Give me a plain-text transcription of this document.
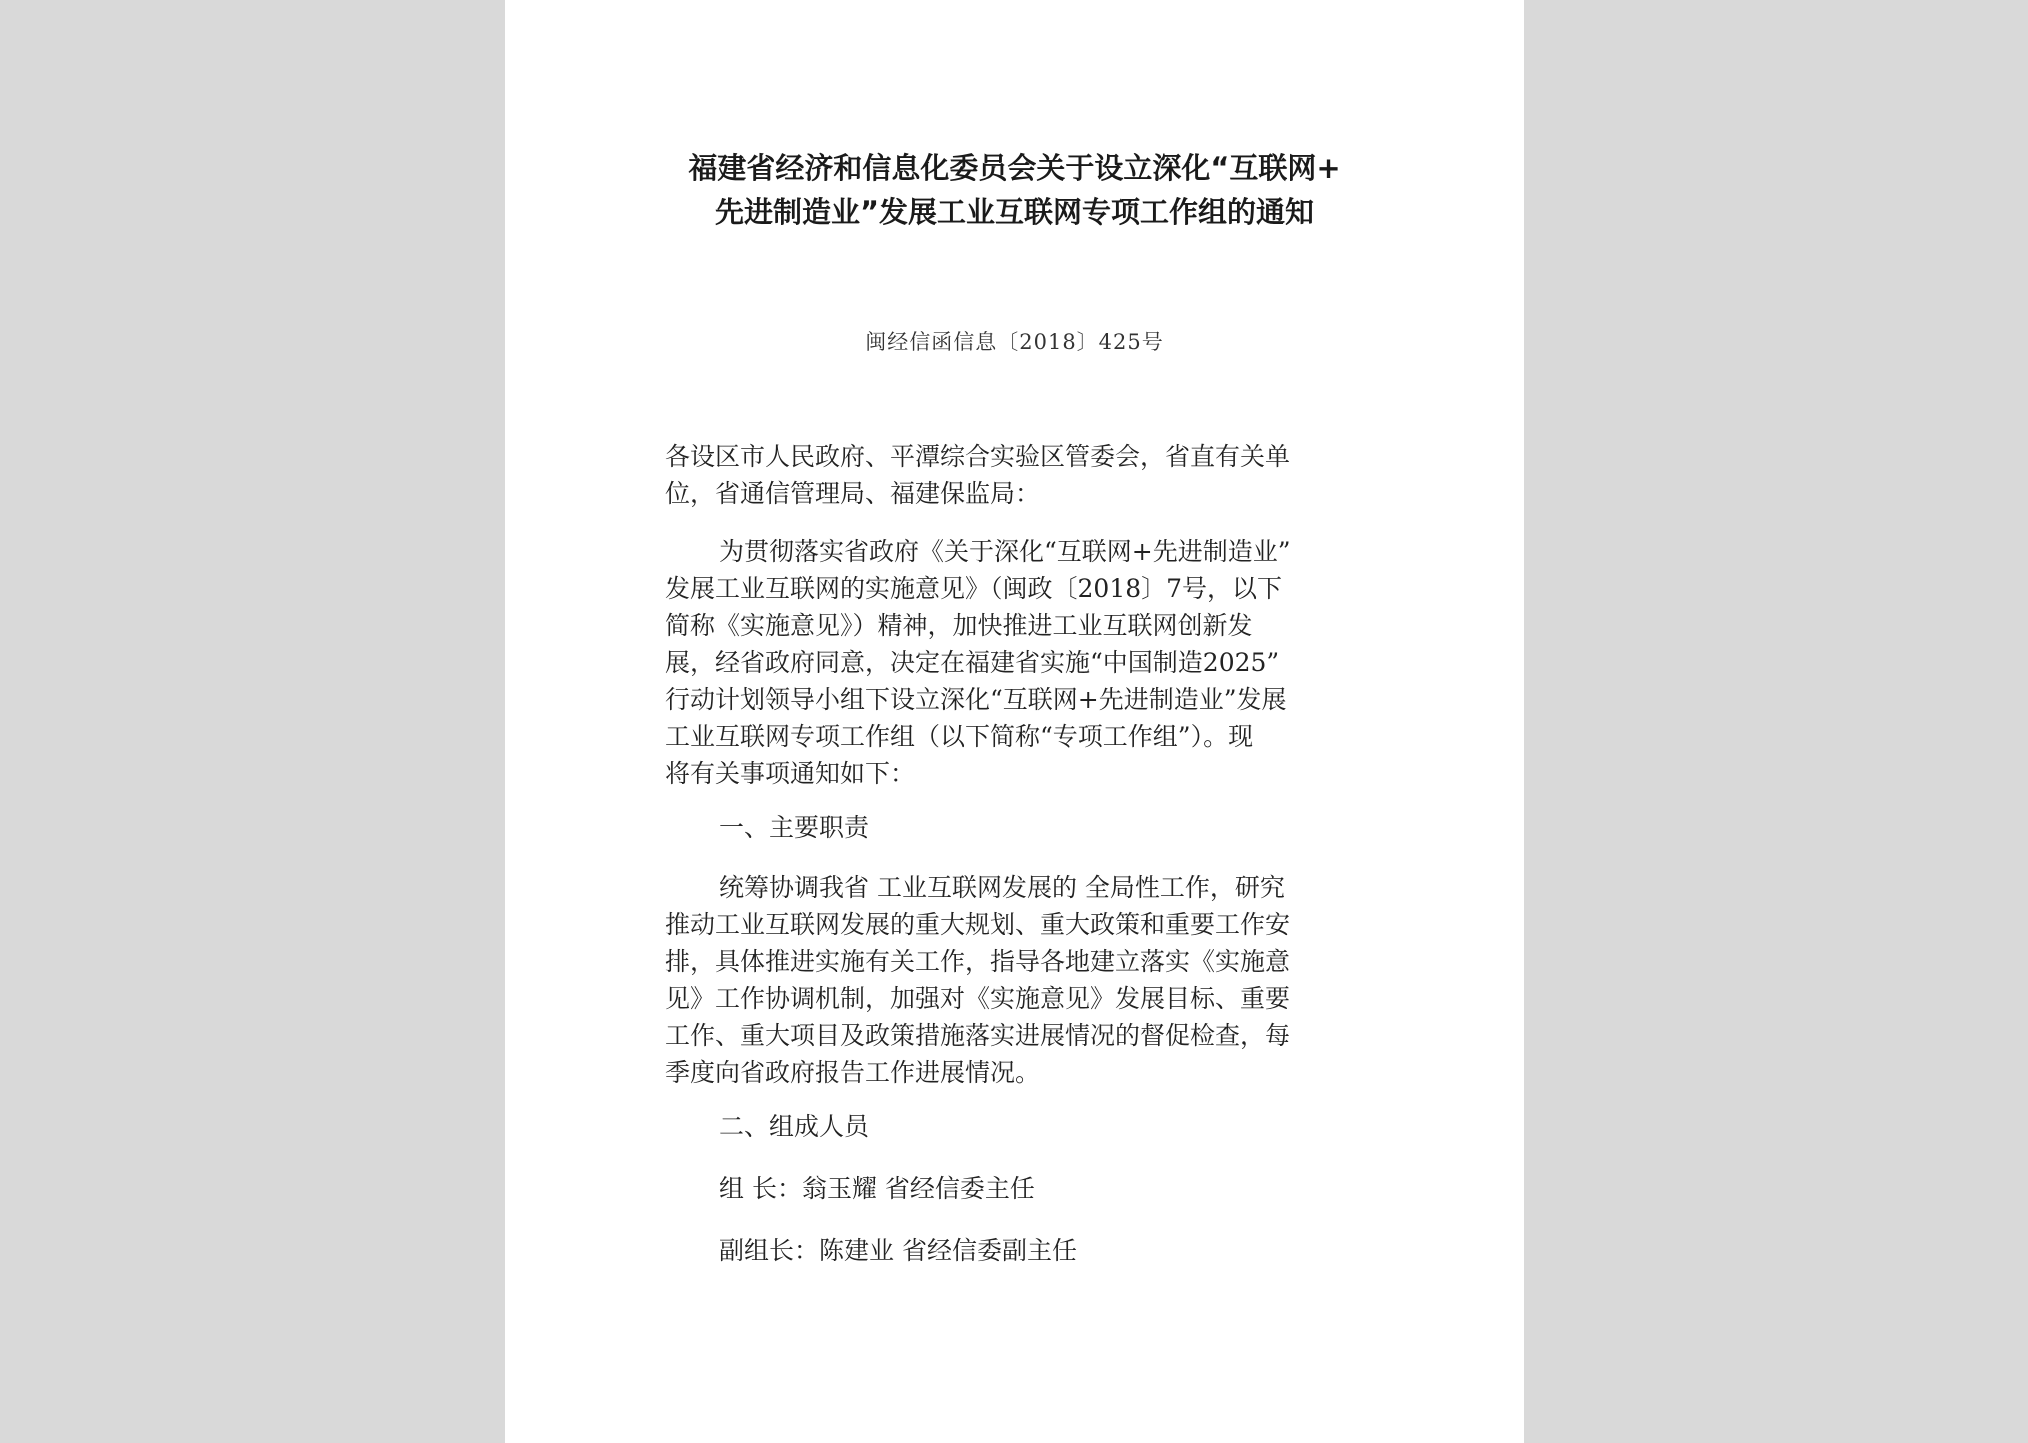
福建省经济和信息化委员会关于设立深化“互联网+
先进制造业”发展工业互联网专项工作组的通知
闽经信函信息〔2018〕425号
各设区市人民政府、平潭综合实验区管委会，省直有关单
位，省通信管理局、福建保监局：
为贯彻落实省政府《关于深化“互联网+先进制造业”
发展工业互联网的实施意见》（闽政〔2018〕7号，以下
简称《实施意见》）精神，加快推进工业互联网创新发
展，经省政府同意，决定在福建省实施“中国制造2025”
行动计划领导小组下设立深化“互联网+先进制造业”发展
工业互联网专项工作组（以下简称“专项工作组”）。现
将有关事项通知如下：
一、主要职责
统筹协调我省 工业互联网发展的 全局性工作，研究
推动工业互联网发展的重大规划、重大政策和重要工作安
排，具体推进实施有关工作，指导各地建立落实《实施意
见》工作协调机制，加强对《实施意见》发展目标、重要
工作、重大项目及政策措施落实进展情况的督促检查，每
季度向省政府报告工作进展情况。
二、组成人员
组 长：翁玉耀 省经信委主任
副组长：陈建业 省经信委副主任
